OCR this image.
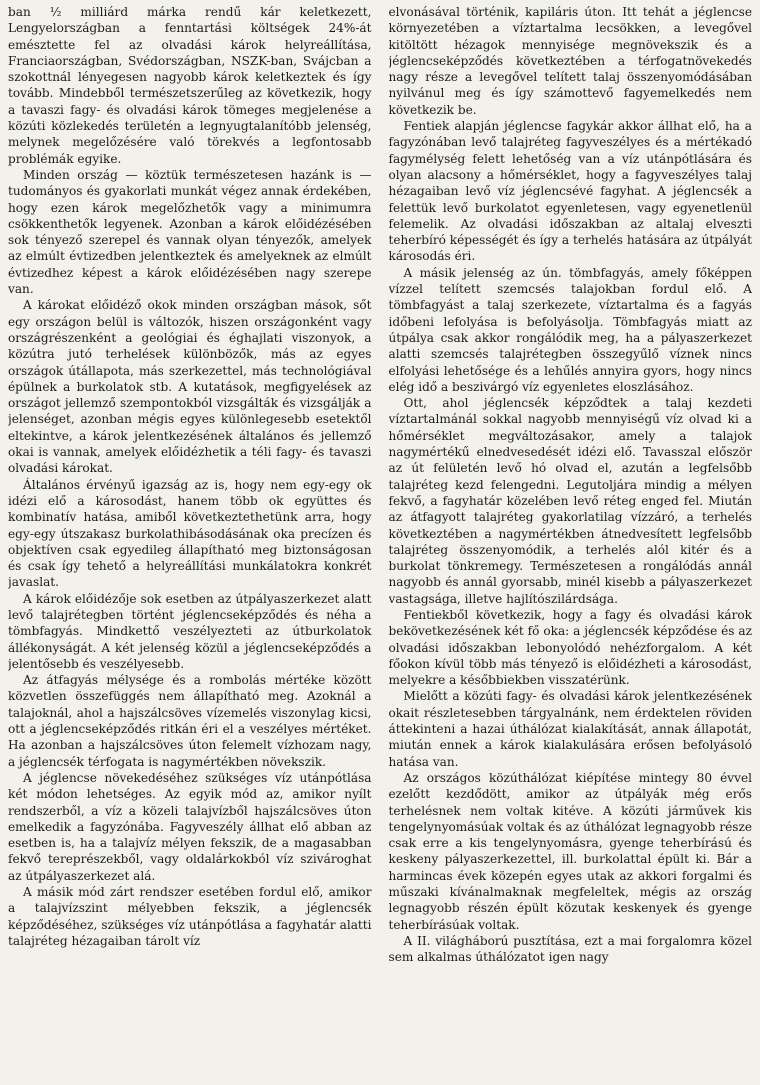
ban ½ milliárd márka rendű kár keletkezett, Lengyelországban a fenntartási költségek 24%-át emésztette fel az olvadási károk helyreállítása, Franciaországban, Svédországban, NSZK-ban, Svájcban a szokottnál lényegesen nagyobb károk keletkeztek és így tovább. Mindebből természetszerűleg az következik, hogy a tavaszi fagy- és olvadási károk tömeges megjelenése a közúti közlekedés területén a legnyugtalanítóbb jelenség, melynek megelőzésére való törekvés a legfontosabb problémák egyike.

Minden ország — köztük természetesen hazánk is — tudományos és gyakorlati munkát végez annak érdekében, hogy ezen károk megelőzhetők vagy a minimumra csökkenthetők legyenek. Azonban a károk előidézésében sok tényező szerepel és vannak olyan tényezők, amelyek az elmúlt évtizedben jelentkeztek és amelyeknek az elmúlt évtizedhez képest a károk előidézésében nagy szerepe van.

A károkat előidéző okok minden országban mások, sőt egy országon belül is változók, hiszen országonként vagy országrészenként a geológiai és éghajlati viszonyok, a közútra jutó terhelések különbözők, más az egyes országok útállapota, más szerkezettel, más technológiával épülnek a burkolatok stb. A kutatások, megfigyelések az országot jellemző szempontokból vizsgálták és vizsgálják a jelenséget, azonban mégis egyes különlegesebb esetektől eltekintve, a károk jelentkezésének általános és jellemző okai is vannak, amelyek előidézhetik a téli fagy- és tavaszi olvadási károkat.

Általános érvényű igazság az is, hogy nem egy-egy ok idézi elő a károsodást, hanem több ok együttes és kombinatív hatása, amiből következtethetünk arra, hogy egy-egy útszakasz burkolathibásodásának oka precízen és objektíven csak egyedileg állapítható meg biztonságosan és csak így tehető a helyreállítási munkálatokra konkrét javaslat.

A károk előidézője sok esetben az útpályaszerkezet alatt levő talajrétegben történt jéglencseképződés és néha a tömbfagyás. Mindkettő veszélyezteti az útburkolatok állékonyságát. A két jelenség közül a jéglencseképződés a jelentősebb és veszélyesebb.

Az átfagyás mélysége és a rombolás mértéke között közvetlen összefüggés nem állapítható meg. Azoknál a talajoknál, ahol a hajszálcsöves vízemelés viszonylag kicsi, ott a jéglencseképződés ritkán éri el a veszélyes mértéket. Ha azonban a hajszálcsöves úton felemelt vízhozam nagy, a jéglencsék térfogata is nagymértékben növekszik.

A jéglencse növekedéséhez szükséges víz utánpótlása két módon lehetséges. Az egyik mód az, amikor nyílt rendszerből, a víz a közeli talajvízből hajszálcsöves úton emelkedik a fagyzónába. Fagyveszély állhat elő abban az esetben is, ha a talajvíz mélyen fekszik, de a magasabban fekvő tereprészekből, vagy oldalárkokból víz szivároghat az útpályaszerkezet alá.

A másik mód zárt rendszer esetében fordul elő, amikor a talajvízszint mélyebben fekszik, a jéglencsék képződéséhez, szükséges víz utánpótlása a fagyhatár alatti talajréteg hézagaiban tárolt víz

elvonásával történik, kapiláris úton. Itt tehát a jéglencse környezetében a víztartalma lecsökken, a levegővel kitöltött hézagok mennyisége megnövekszik és a jéglencseképződés következtében a térfogatnövekedés nagy része a levegővel telített talaj összenyomódásában nyilvánul meg és így számottevő fagyemelkedés nem következik be.

Fentiek alapján jéglencse fagykár akkor állhat elő, ha a fagyzónában levő talajréteg fagyveszélyes és a mértékadó fagymélység felett lehetőség van a víz utánpótlására és olyan alacsony a hőmérséklet, hogy a fagyveszélyes talaj hézagaiban levő víz jéglencsévé fagyhat. A jéglencsék a felettük levő burkolatot egyenletesen, vagy egyenetlenül felemelik. Az olvadási időszakban az altalaj elveszti teherbíró képességét és így a terhelés hatására az útpályát károsodás éri.

A másik jelenség az ún. tömbfagyás, amely főképpen vízzel telített szemcsés talajokban fordul elő. A tömbfagyást a talaj szerkezete, víztartalma és a fagyás időbeni lefolyása is befolyásolja. Tömbfagyás miatt az útpálya csak akkor rongálódik meg, ha a pályaszerkezet alatti szemcsés talajrétegben összegyűlő víznek nincs elfolyási lehetősége és a lehűlés annyira gyors, hogy nincs elég idő a beszivárgó víz egyenletes eloszlásához.

Ott, ahol jéglencsék képződtek a talaj kezdeti víztartalmánál sokkal nagyobb mennyiségű víz olvad ki a hőmérséklet megváltozásakor, amely a talajok nagymértékű elnedvesedését idézi elő. Tavasszal először az út felületén levő hó olvad el, azután a legfelsőbb talajréteg kezd felengedni. Legutoljára mindig a mélyen fekvő, a fagyhatár közelében levő réteg enged fel. Miután az átfagyott talajréteg gyakorlatilag vízzáró, a terhelés következtében a nagymértékben átnedvesített legfelsőbb talajréteg összenyomódik, a terhelés alól kitér és a burkolat tönkremegy. Természetesen a rongálódás annál nagyobb és annál gyorsabb, minél kisebb a pályaszerkezet vastagsága, illetve hajlítószilárdsága.

Fentiekből következik, hogy a fagy és olvadási károk bekövetkezésének két fő oka: a jéglencsék képződése és az olvadási időszakban lebonyolódó nehézforgalom. A két főokon kívül több más tényező is előidézheti a károsodást, melyekre a későbbiekben visszatérünk.

Mielőtt a közúti fagy- és olvadási károk jelentkezésének okait részletesebben tárgyalnánk, nem érdektelen röviden áttekinteni a hazai úthálózat kialakítását, annak állapotát, miután ennek a károk kialakulására erősen befolyásoló hatása van.

Az országos közúthálózat kiépítése mintegy 80 évvel ezelőtt kezdődött, amikor az útpályák még erős terhelésnek nem voltak kitéve. A közúti járművek kis tengelynyomásúak voltak és az úthálózat legnagyobb része csak erre a kis tengelynyomásra, gyenge teherbírású és keskeny pályaszerkezettel, ill. burkolattal épült ki. Bár a harmincas évek közepén egyes utak az akkori forgalmi és műszaki kívánalmaknak megfeleltek, mégis az ország legnagyobb részén épült közutak keskenyek és gyenge teherbírásúak voltak.

A II. világháború pusztítása, ezt a mai forgalomra közel sem alkalmas úthálózatot igen nagy
